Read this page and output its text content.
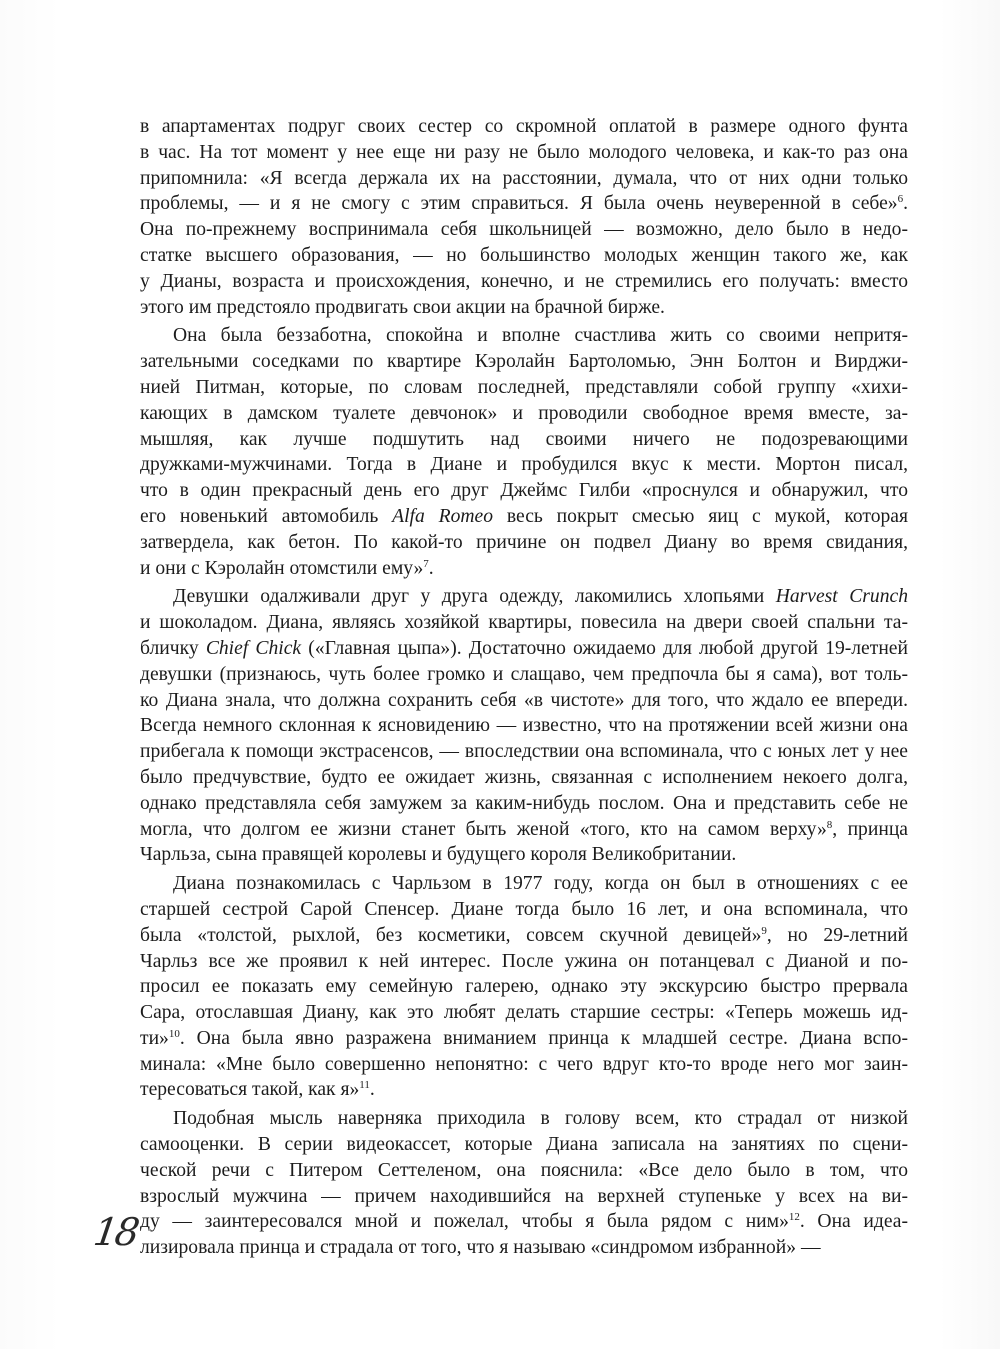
в апартаментах подруг своих сестер со скромной оплатой в размере одного фунта
в час. На тот момент у нее еще ни разу не было молодого человека, и как-то раз она
припомнила: «Я всегда держала их на расстоянии, думала, что от них одни только
проблемы, — и я не смогу с этим справиться. Я была очень неуверенной в себе»$^6$.
Она по-прежнему воспринимала себя школьницей — возможно, дело было в недо-
статке высшего образования, — но большинство молодых женщин такого же, как
у Дианы, возраста и происхождения, конечно, и не стремились его получать: вместо
этого им предстояло продвигать свои акции на брачной бирже.
Она была беззаботна, спокойна и вполне счастлива жить со своими непритя-
зательными соседками по квартире Кэролайн Бартоломью, Энн Болтон и Вирджи-
нией Питман, которые, по словам последней, представляли собой группу «хихи-
кающих в дамском туалете девчонок» и проводили свободное время вместе, за-
мышляя, как лучше подшутить над своими ничего не подозревающими
дружками-мужчинами. Тогда в Диане и пробудился вкус к мести. Мортон писал,
что в один прекрасный день его друг Джеймс Гилби «проснулся и обнаружил, что
его новенький автомобиль Alfa Romeo весь покрыт смесью яиц с мукой, которая
затвердела, как бетон. По какой-то причине он подвел Диану во время свидания,
и они с Кэролайн отомстили ему»$^7$.
Девушки одалживали друг у друга одежду, лакомились хлопьями Harvest Crunch
и шоколадом. Диана, являясь хозяйкой квартиры, повесила на двери своей спальни та-
бличку Chief Chick («Главная цыпа»). Достаточно ожидаемо для любой другой 19-летней
девушки (признаюсь, чуть более громко и слащаво, чем предпочла бы я сама), вот толь-
ко Диана знала, что должна сохранить себя «в чистоте» для того, что ждало ее впереди.
Всегда немного склонная к ясновидению — известно, что на протяжении всей жизни она
прибегала к помощи экстрасенсов, — впоследствии она вспоминала, что с юных лет у нее
было предчувствие, будто ее ожидает жизнь, связанная с исполнением некоего долга,
однако представляла себя замужем за каким-нибудь послом. Она и представить себе не
могла, что долгом ее жизни станет быть женой «того, кто на самом верху»$^8$, принца
Чарльза, сына правящей королевы и будущего короля Великобритании.
Диана познакомилась с Чарльзом в 1977 году, когда он был в отношениях с ее
старшей сестрой Сарой Спенсер. Диане тогда было 16 лет, и она вспоминала, что
была «толстой, рыхлой, без косметики, совсем скучной девицей»$^9$, но 29-летний
Чарльз все же проявил к ней интерес. После ужина он потанцевал с Дианой и по-
просил ее показать ему семейную галерею, однако эту экскурсию быстро прервала
Сара, отославшая Диану, как это любят делать старшие сестры: «Теперь можешь ид-
ти»$^{10}$. Она была явно разражена вниманием принца к младшей сестре. Диана вспо-
минала: «Мне было совершенно непонятно: с чего вдруг кто-то вроде него мог заин-
тересоваться такой, как я»$^{11}$.
Подобная мысль наверняка приходила в голову всем, кто страдал от низкой
самооценки. В серии видеокассет, которые Диана записала на занятиях по сцени-
ческой речи с Питером Сеттеленом, она пояснила: «Все дело было в том, что
взрослый мужчина — причем находившийся на верхней ступеньке у всех на ви-
ду — заинтересовался мной и пожелал, чтобы я была рядом с ним»$^{12}$. Она идеа-
лизировала принца и страдала от того, что я называю «синдромом избранной» —
18
